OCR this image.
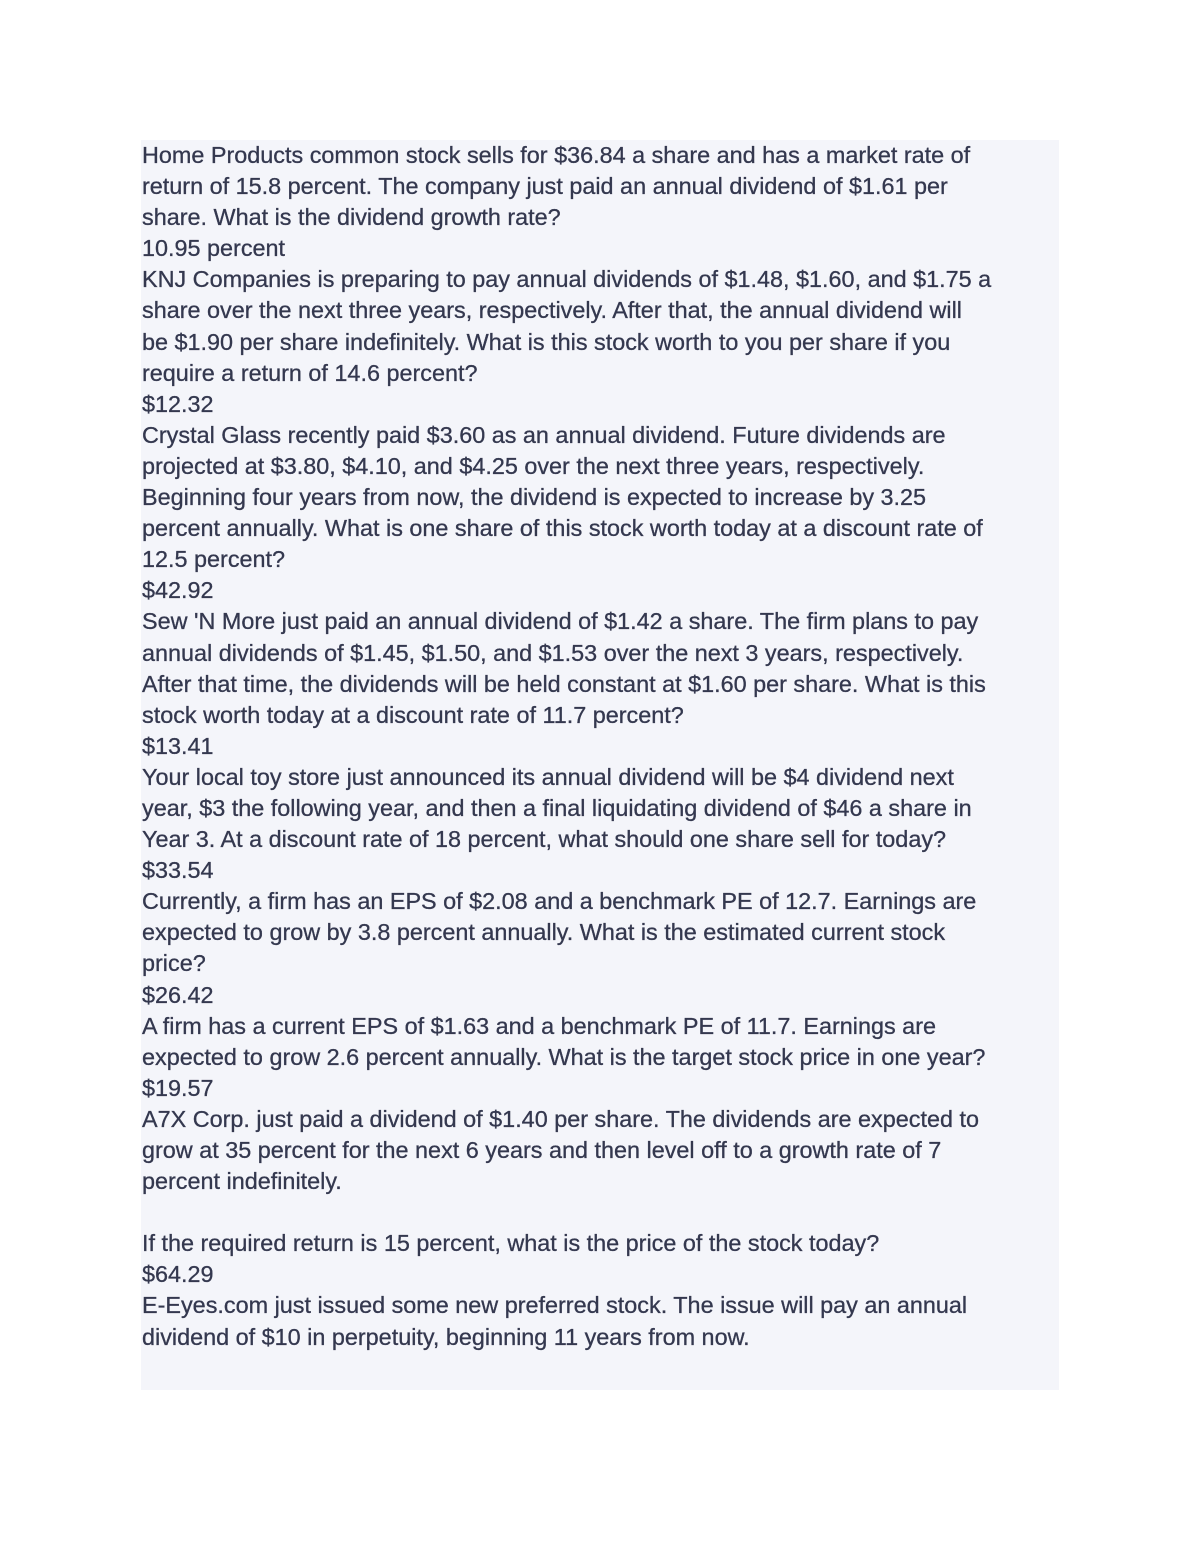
Home Products common stock sells for $36.84 a share and has a market rate of
return of 15.8 percent. The company just paid an annual dividend of $1.61 per
share. What is the dividend growth rate?
10.95 percent
KNJ Companies is preparing to pay annual dividends of $1.48, $1.60, and $1.75 a
share over the next three years, respectively. After that, the annual dividend will
be $1.90 per share indefinitely. What is this stock worth to you per share if you
require a return of 14.6 percent?
$12.32
Crystal Glass recently paid $3.60 as an annual dividend. Future dividends are
projected at $3.80, $4.10, and $4.25 over the next three years, respectively.
Beginning four years from now, the dividend is expected to increase by 3.25
percent annually. What is one share of this stock worth today at a discount rate of
12.5 percent?
$42.92
Sew 'N More just paid an annual dividend of $1.42 a share. The firm plans to pay
annual dividends of $1.45, $1.50, and $1.53 over the next 3 years, respectively.
After that time, the dividends will be held constant at $1.60 per share. What is this
stock worth today at a discount rate of 11.7 percent?
$13.41
Your local toy store just announced its annual dividend will be $4 dividend next
year, $3 the following year, and then a final liquidating dividend of $46 a share in
Year 3. At a discount rate of 18 percent, what should one share sell for today?
$33.54
Currently, a firm has an EPS of $2.08 and a benchmark PE of 12.7. Earnings are
expected to grow by 3.8 percent annually. What is the estimated current stock
price?
$26.42
A firm has a current EPS of $1.63 and a benchmark PE of 11.7. Earnings are
expected to grow 2.6 percent annually. What is the target stock price in one year?
$19.57
A7X Corp. just paid a dividend of $1.40 per share. The dividends are expected to
grow at 35 percent for the next 6 years and then level off to a growth rate of 7
percent indefinitely.
If the required return is 15 percent, what is the price of the stock today?
$64.29
E-Eyes.com just issued some new preferred stock. The issue will pay an annual
dividend of $10 in perpetuity, beginning 11 years from now.
